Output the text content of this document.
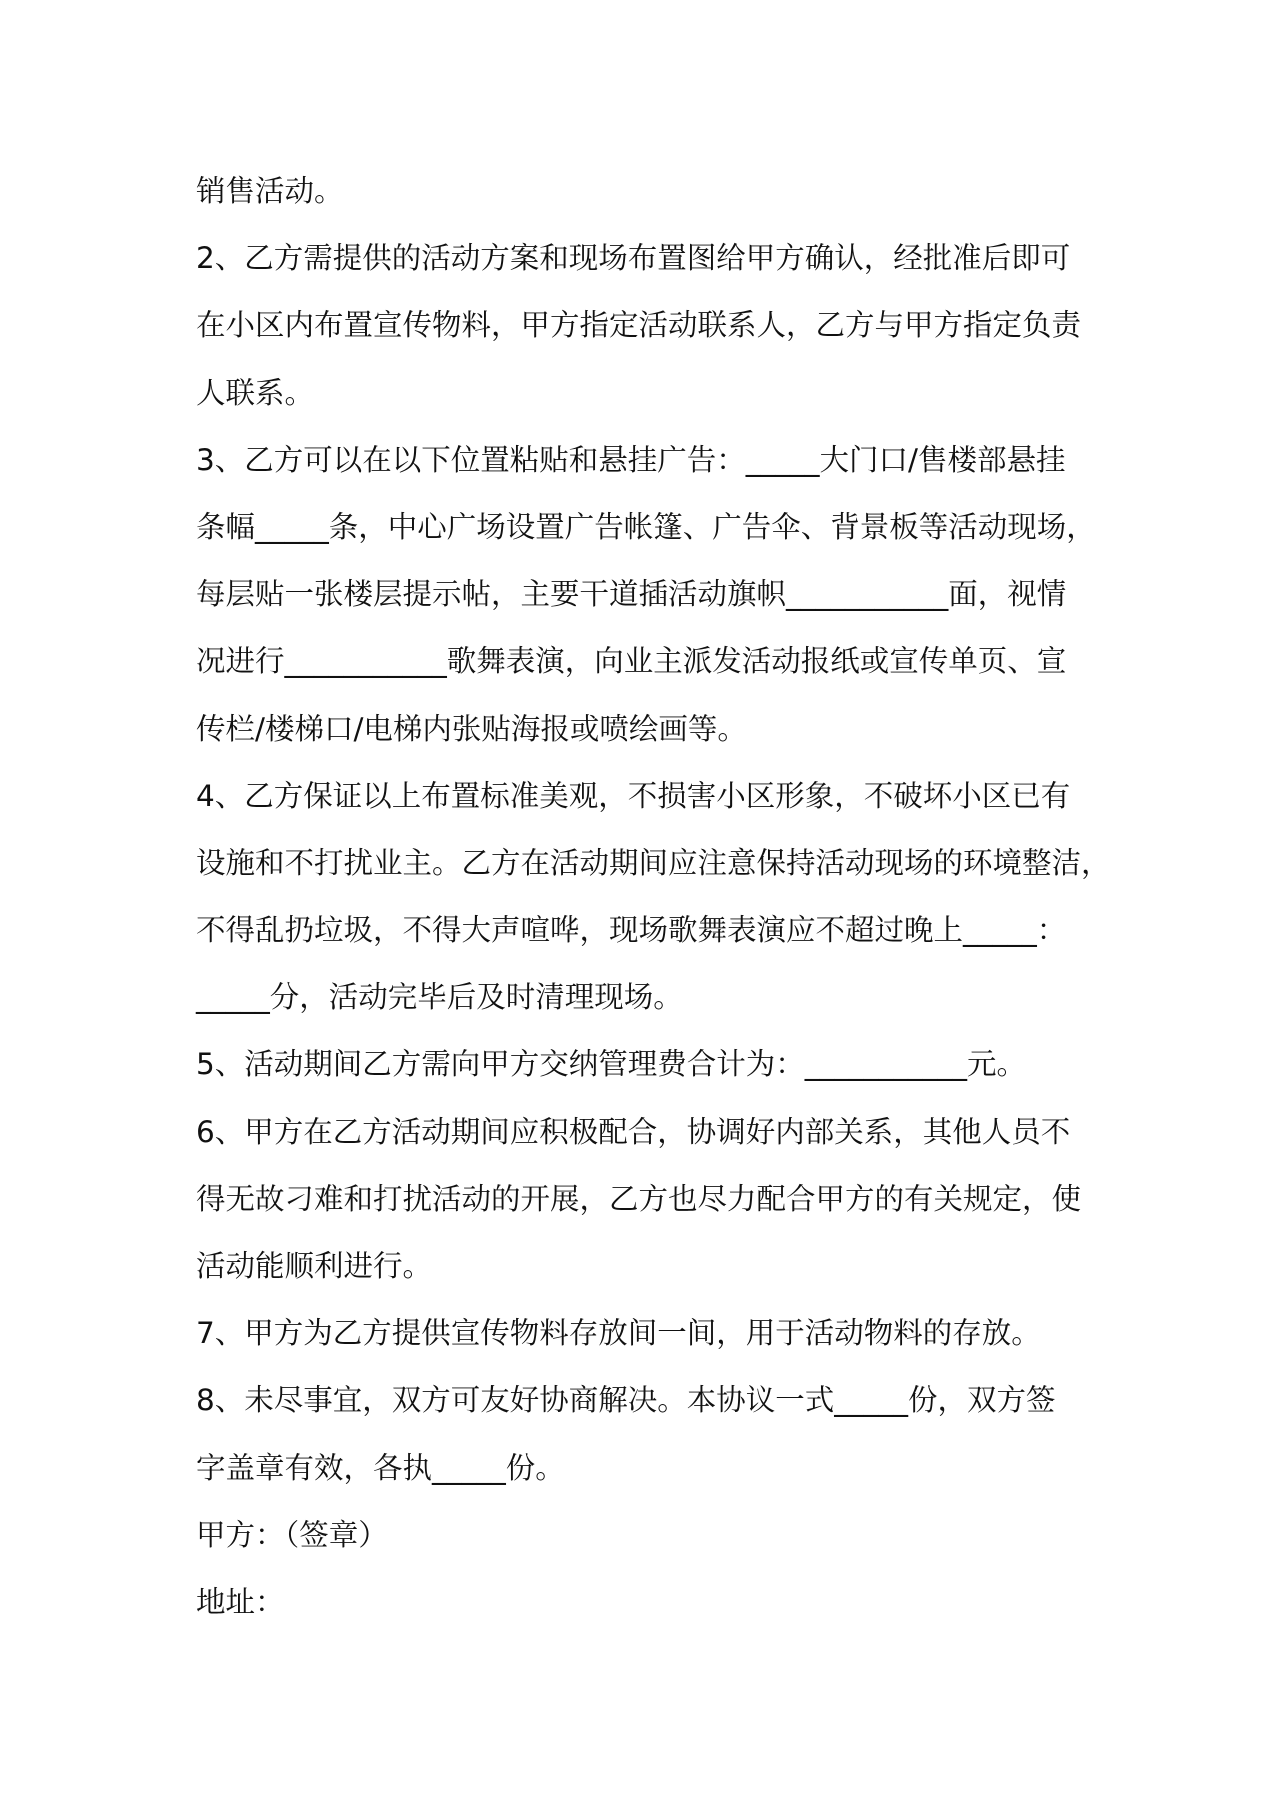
销售活动。
2、乙方需提供的活动方案和现场布置图给甲方确认，经批准后即可
在小区内布置宣传物料，甲方指定活动联系人，乙方与甲方指定负责
人联系。
3、乙方可以在以下位置粘贴和悬挂广告：_____大门口/售楼部悬挂
条幅_____条，中心广场设置广告帐篷、广告伞、背景板等活动现场，
每层贴一张楼层提示帖，主要干道插活动旗帜___________面，视情
况进行___________歌舞表演，向业主派发活动报纸或宣传单页、宣
传栏/楼梯口/电梯内张贴海报或喷绘画等。
4、乙方保证以上布置标准美观，不损害小区形象，不破坏小区已有
设施和不打扰业主。乙方在活动期间应注意保持活动现场的环境整洁，
不得乱扔垃圾，不得大声喧哗，现场歌舞表演应不超过晚上_____：
_____分，活动完毕后及时清理现场。
5、活动期间乙方需向甲方交纳管理费合计为：___________元。
6、甲方在乙方活动期间应积极配合，协调好内部关系，其他人员不
得无故刁难和打扰活动的开展，乙方也尽力配合甲方的有关规定，使
活动能顺利进行。
7、甲方为乙方提供宣传物料存放间一间，用于活动物料的存放。
8、未尽事宜，双方可友好协商解决。本协议一式_____份，双方签
字盖章有效，各执_____份。
甲方：（签章）
地址：
